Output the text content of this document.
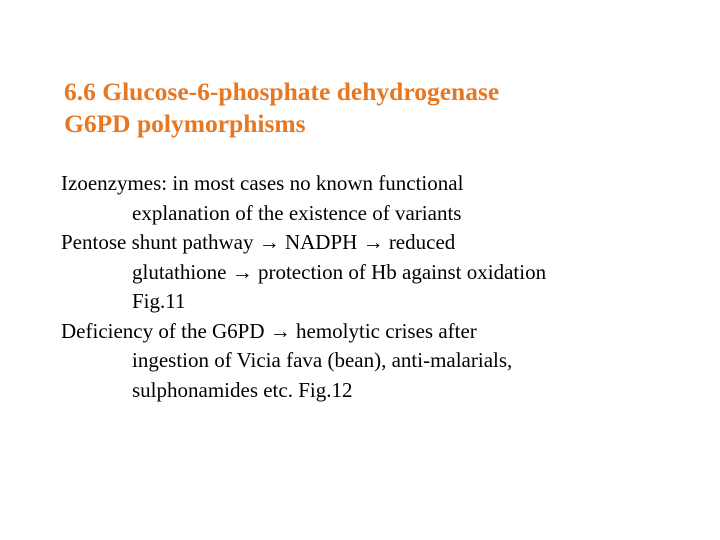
6.6 Glucose-6-phosphate dehydrogenase
G6PD polymorphisms
Izoenzymes: in most cases no known functional
explanation of the existence of variants
Pentose shunt pathway → NADPH → reduced
glutathione → protection of Hb against oxidation
Fig.11
Deficiency of the G6PD → hemolytic crises after
ingestion of Vicia fava (bean), anti-malarials,
sulphonamides etc. Fig.12
